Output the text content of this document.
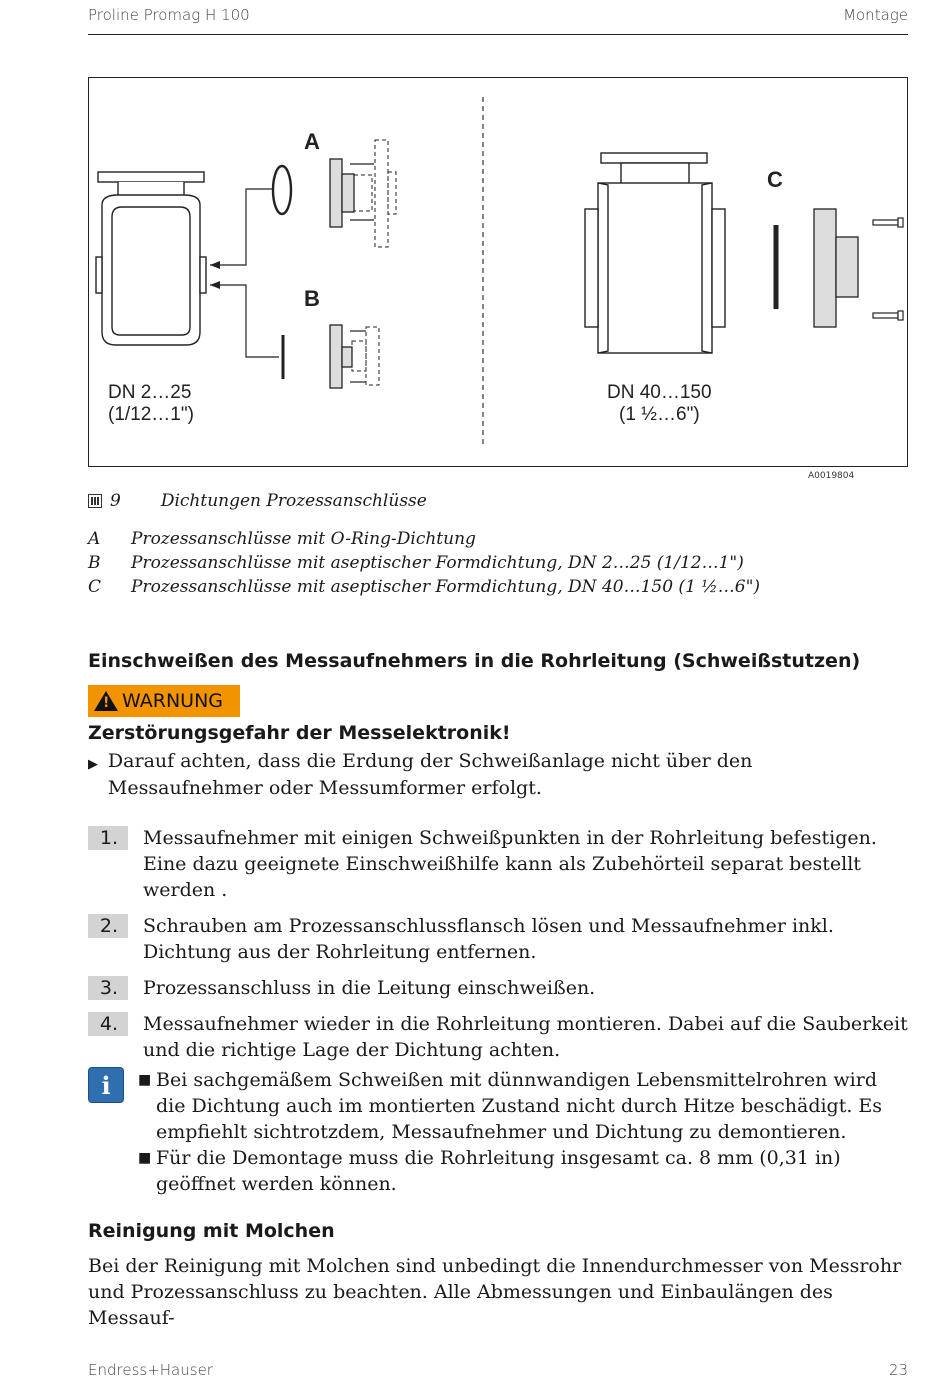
Proline Promag H 100	Montage
A
B
DN 2…25
(1/12…1")
C
DN 40…150
(1 ½…6")
A0019804
9 Dichtungen Prozessanschlüsse
A	Prozessanschlüsse mit O-Ring-Dichtung
B	Prozessanschlüsse mit aseptischer Formdichtung, DN 2…25 (1/12…1")
C	Prozessanschlüsse mit aseptischer Formdichtung, DN 40…150 (1 ½…6")
Einschweißen des Messaufnehmers in die Rohrleitung (Schweißstutzen)
! WARNUNG
Zerstörungsgefahr der Messelektronik!
▶ Darauf achten, dass die Erdung der Schweißanlage nicht über den Messaufnehmer oder Messumformer erfolgt.
1.	Messaufnehmer mit einigen Schweißpunkten in der Rohrleitung befestigen. Eine dazu geeignete Einschweißhilfe kann als Zubehörteil separat bestellt werden .
2.	Schrauben am Prozessanschlussflansch lösen und Messaufnehmer inkl. Dichtung aus der Rohrleitung entfernen.
3.	Prozessanschluss in die Leitung einschweißen.
4.	Messaufnehmer wieder in die Rohrleitung montieren. Dabei auf die Sauberkeit und die richtige Lage der Dichtung achten.
i ■ Bei sachgemäßem Schweißen mit dünnwandigen Lebensmittelrohren wird die Dichtung auch im montierten Zustand nicht durch Hitze beschädigt. Es empfiehlt sichtrotzdem, Messaufnehmer und Dichtung zu demontieren.
■ Für die Demontage muss die Rohrleitung insgesamt ca. 8 mm (0,31 in) geöffnet werden können.
Reinigung mit Molchen
Bei der Reinigung mit Molchen sind unbedingt die Innendurchmesser von Messrohr und Prozessanschluss zu beachten. Alle Abmessungen und Einbaulängen des Messauf-
Endress+Hauser	23
